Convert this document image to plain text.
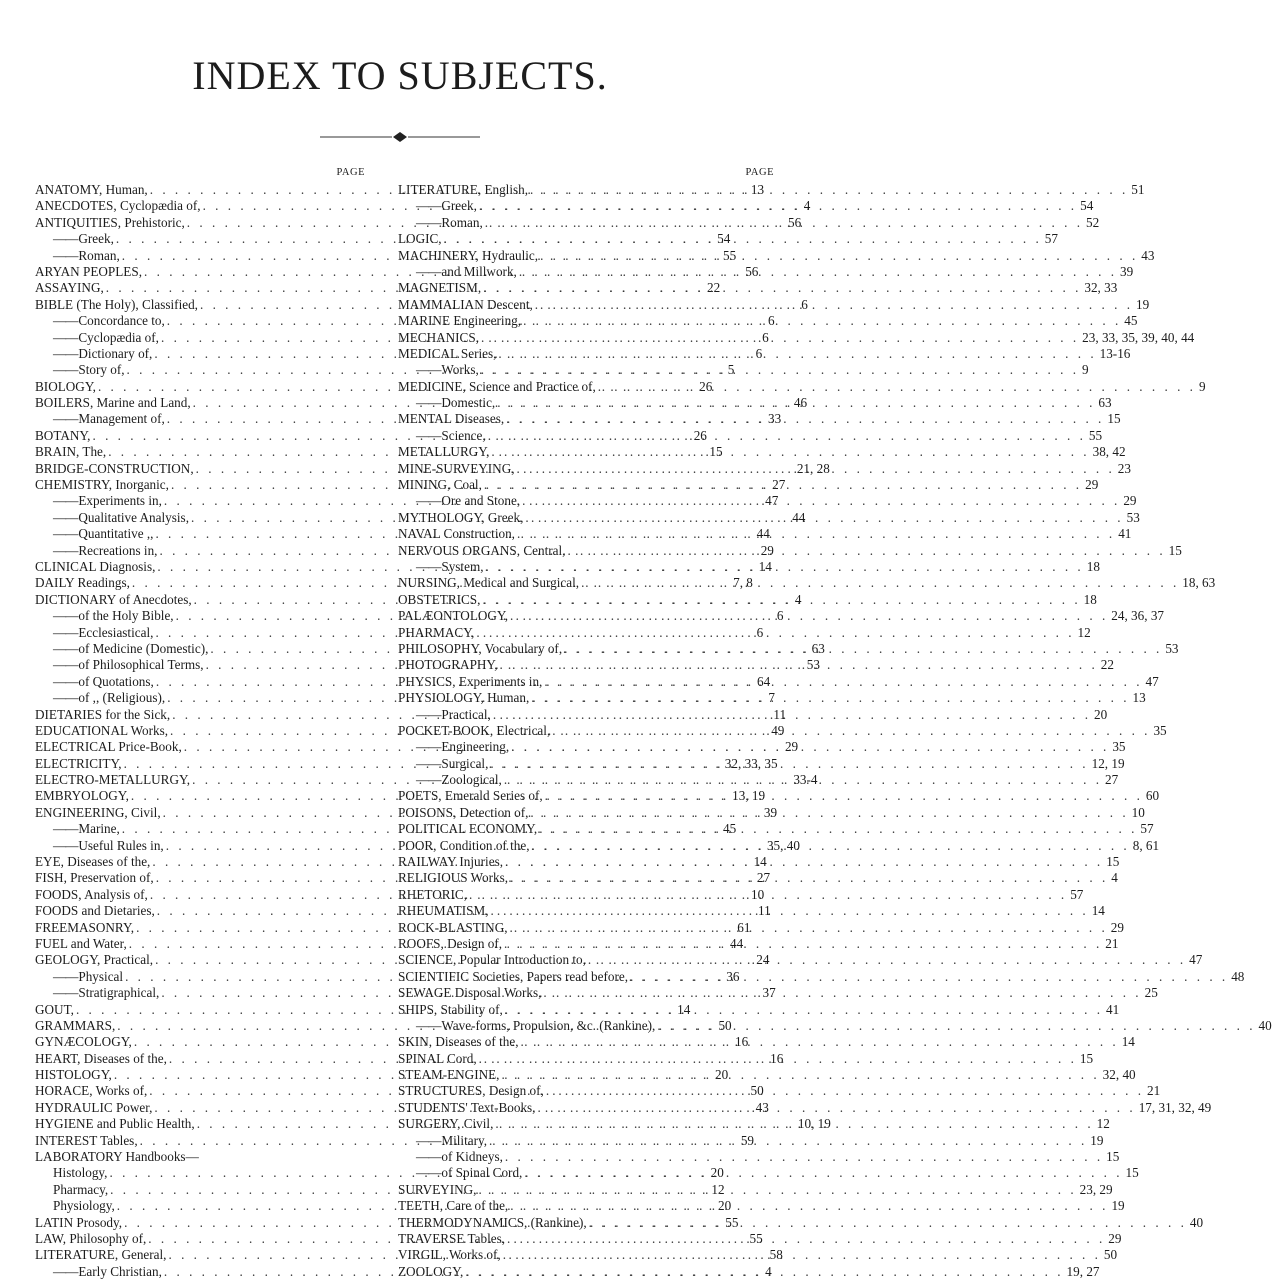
INDEX TO SUBJECTS.
PAGE
ANATOMY, Human, . . .	13
ANECDOTES, Cyclopædia of, . . .	4
ANTIQUITIES, Prehistoric, . . .	56
—— Greek, . . .	54
—— Roman, . . .	55
ARYAN PEOPLES, . . .	56
ASSAYING, . . .	22
BIBLE (The Holy), Classified, . . .	6
—— Concordance to, . . .	6
—— Cyclopædia of, . . .	6
—— Dictionary of, . . .	6
—— Story of, . . .	5
BIOLOGY, . . .	26
BOILERS, Marine and Land, . . .	46
—— Management of, . . .	33
BOTANY, . . .	26
BRAIN, The, . . .	15
BRIDGE-CONSTRUCTION, . . .	21, 28
CHEMISTRY, Inorganic, . . .	27
—— Experiments in, . . .	47
—— Qualitative Analysis, . . .	44
—— Quantitative ,, . . .	44
—— Recreations in, . . .	29
CLINICAL Diagnosis, . . .	14
DAILY Readings, . . .	7, 8
DICTIONARY of Anecdotes, . . .	4
—— of the Holy Bible, . . .	6
—— Ecclesiastical, . . .	6
—— of Medicine (Domestic), . . .	63
—— of Philosophical Terms, . . .	53
—— of Quotations, . . .	64
—— of ,, (Religious), . . .	7
DIETARIES for the Sick, . . .	11
EDUCATIONAL Works, . . .	49
ELECTRICAL Price-Book, . . .	29
ELECTRICITY, . . .	32, 33, 35
ELECTRO-METALLURGY, . . .	33-4
EMBRYOLOGY, . . .	13, 19
ENGINEERING, Civil, . . .	39
—— Marine, . . .	45
—— Useful Rules in, . . .	35, 40
EYE, Diseases of the, . . .	14
FISH, Preservation of, . . .	27
FOODS, Analysis of, . . .	10
FOODS and Dietaries, . . .	11
FREEMASONRY, . . .	61
FUEL and Water, . . .	44
GEOLOGY, Practical, . . .	24
—— Physical . . .	36
—— Stratigraphical, . . .	37
GOUT, . . .	14
GRAMMARS, . . .	50
GYNÆCOLOGY, . . .	16
HEART, Diseases of the, . . .	16
HISTOLOGY, . . .	20
HORACE, Works of, . . .	50
HYDRAULIC Power, . . .	43
HYGIENE and Public Health, . . .	10, 19
INTEREST Tables, . . .	59
LABORATORY Handbooks—
Histology, . . .	20
Pharmacy, . . .	12
Physiology, . . .	20
LATIN Prosody, . . .	55
LAW, Philosophy of, . . .	55
LITERATURE, General, . . .	58
—— Early Christian, . . .	4
PAGE
LITERATURE, English, . . .	51
—— Greek, . . .	54
—— Roman, . . .	52
LOGIC, . . .	57
MACHINERY, Hydraulic, . . .	43
—— and Millwork, . . .	39
MAGNETISM, . . .	32, 33
MAMMALIAN Descent, . . .	19
MARINE Engineering, . . .	45
MECHANICS, . . .	23, 33, 35, 39, 40, 44
MEDICAL Series, . . .	13-16
—— Works, . . .	9
MEDICINE, Science and Practice of, . . .	9
—— Domestic, . . .	63
MENTAL Diseases, . . .	15
—— Science, . . .	55
METALLURGY, . . .	38, 42
MINE-SURVEYING, . . .	23
MINING, Coal, . . .	29
—— Ore and Stone, . . .	29
MYTHOLOGY, Greek, . . .	53
NAVAL Construction, . . .	41
NERVOUS ORGANS, Central, . . .	15
—— System, . . .	18
NURSING, Medical and Surgical, . . .	18, 63
OBSTETRICS, . . .	18
PALÆONTOLOGY, . . .	24, 36, 37
PHARMACY, . . .	12
PHILOSOPHY, Vocabulary of, . . .	53
PHOTOGRAPHY, . . .	22
PHYSICS, Experiments in, . . .	47
PHYSIOLOGY, Human, . . .	13
—— Practical, . . .	20
POCKET-BOOK, Electrical, . . .	35
—— Engineering, . . .	35
—— Surgical, . . .	12, 19
—— Zoological, . . .	27
POETS, Emerald Series of, . . .	60
POISONS, Detection of, . . .	10
POLITICAL ECONOMY, . . .	57
POOR, Condition of the, . . .	8, 61
RAILWAY Injuries, . . .	15
RELIGIOUS Works, . . .	4
RHETORIC, . . .	57
RHEUMATISM, . . .	14
ROCK-BLASTING, . . .	29
ROOFS, Design of, . . .	21
SCIENCE, Popular Introduction to, . . .	47
SCIENTIFIC Societies, Papers read before, . . .	48
SEWAGE Disposal Works, . . .	25
SHIPS, Stability of, . . .	41
—— Wave-forms, Propulsion, &c. (Rankine), . . .	40
SKIN, Diseases of the, . . .	14
SPINAL Cord, . . .	15
STEAM-ENGINE, . . .	32, 40
STRUCTURES, Design of, . . .	21
STUDENTS' Text-Books, . . .	17, 31, 32, 49
SURGERY, Civil, . . .	12
—— Military, . . .	19
—— of Kidneys, . . .	15
—— of Spinal Cord, . . .	15
SURVEYING, . . .	23, 29
TEETH, Care of the, . . .	19
THERMODYNAMICS, (Rankine), . . .	40
TRAVERSE Tables, . . .	29
VIRGIL, Works of, . . .	50
ZOOLOGY, . . .	19, 27
